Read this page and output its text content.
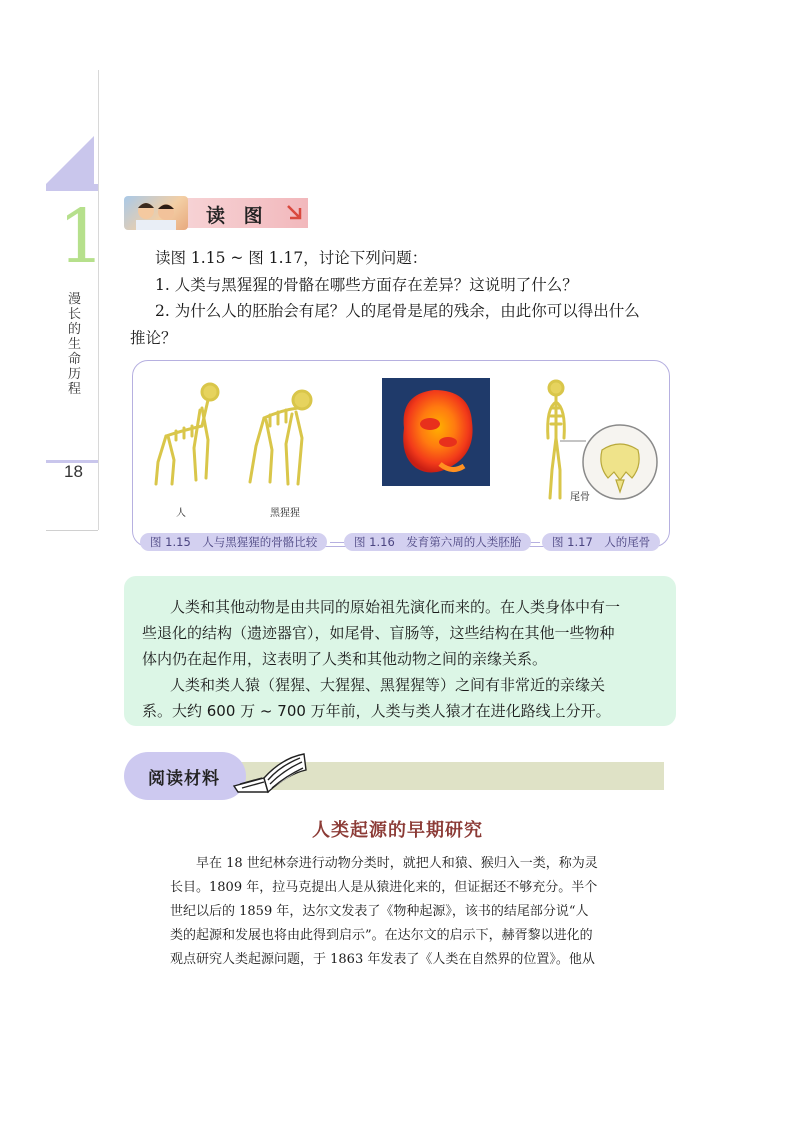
1
漫长的生命历程
18
读 图
读图 1.15 ~ 图 1.17，讨论下列问题：
1. 人类与黑猩猩的骨骼在哪些方面存在差异？这说明了什么？
2. 为什么人的胚胎会有尾？人的尾骨是尾的残余，由此你可以得出什么
推论？
人	黑猩猩
尾骨
图 1.15　人与黑猩猩的骨骼比较	图 1.16　发育第六周的人类胚胎	图 1.17　人的尾骨
人类和其他动物是由共同的原始祖先演化而来的。在人类身体中有一
些退化的结构（遗迹器官），如尾骨、盲肠等，这些结构在其他一些物种
体内仍在起作用，这表明了人类和其他动物之间的亲缘关系。
人类和类人猿（猩猩、大猩猩、黑猩猩等）之间有非常近的亲缘关
系。大约 600 万 ~ 700 万年前，人类与类人猿才在进化路线上分开。
阅读材料
人类起源的早期研究
早在 18 世纪林奈进行动物分类时，就把人和猿、猴归入一类，称为灵
长目。1809 年，拉马克提出人是从猿进化来的，但证据还不够充分。半个
世纪以后的 1859 年，达尔文发表了《物种起源》，该书的结尾部分说“人
类的起源和发展也将由此得到启示”。在达尔文的启示下，赫胥黎以进化的
观点研究人类起源问题，于 1863 年发表了《人类在自然界的位置》。他从
